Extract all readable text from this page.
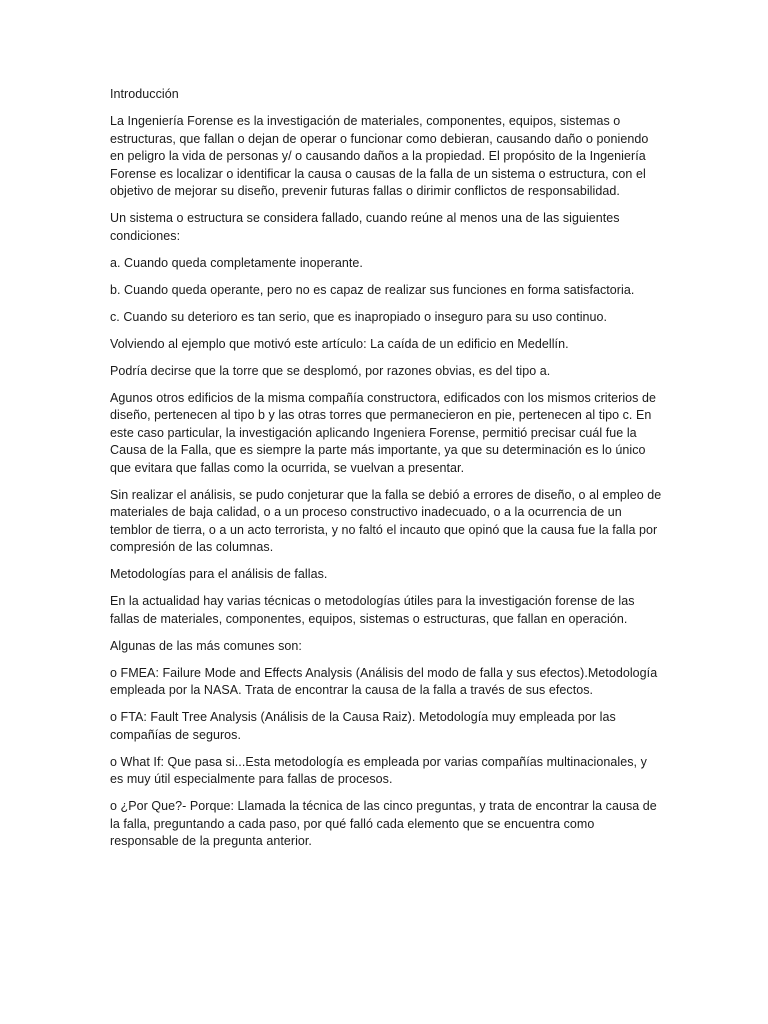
Introducción

La Ingeniería Forense es la investigación de materiales, componentes, equipos, sistemas o estructuras, que fallan o dejan de operar o funcionar como debieran, causando daño o poniendo en peligro la vida de personas y/ o causando daños a la propiedad. El propósito de la Ingeniería Forense es localizar o identificar la causa o causas de la falla de un sistema o estructura, con el objetivo de mejorar su diseño, prevenir futuras fallas o dirimir conflictos de responsabilidad.

Un sistema o estructura se considera fallado, cuando reúne al menos una de las siguientes condiciones:

a. Cuando queda completamente inoperante.

b. Cuando queda operante, pero no es capaz de realizar sus funciones en forma satisfactoria.

c. Cuando su deterioro es tan serio, que es inapropiado o inseguro para su uso continuo.

Volviendo al ejemplo que motivó este artículo: La caída de un edificio en Medellín.

Podría decirse que la torre que se desplomó, por razones obvias, es del tipo a.

Agunos otros edificios de la misma compañía constructora, edificados con los mismos criterios de diseño, pertenecen al tipo b y las otras torres que permanecieron en pie, pertenecen al tipo c. En este caso particular, la investigación aplicando Ingeniera Forense, permitió precisar cuál fue la Causa de la Falla, que es siempre la parte más importante, ya que su determinación es lo único que evitara que fallas como la ocurrida, se vuelvan a presentar.

Sin realizar el análisis, se pudo conjeturar que la falla se debió a errores de diseño, o al empleo de materiales de baja calidad, o a un proceso constructivo inadecuado, o a la ocurrencia de un temblor de tierra, o a un acto terrorista, y no faltó el incauto que opinó que la causa fue la falla por compresión de las columnas.

Metodologías para el análisis de fallas.

En la actualidad hay varias técnicas o metodologías útiles para la investigación forense de las fallas de materiales, componentes, equipos, sistemas o estructuras, que fallan en operación.

Algunas de las más comunes son:

o FMEA: Failure Mode and Effects Analysis (Análisis del modo de falla y sus efectos).Metodología empleada por la NASA. Trata de encontrar la causa de la falla a través de sus efectos.

o FTA: Fault Tree Analysis (Análisis de la Causa Raiz). Metodología muy empleada por las compañías de seguros.

o What If: Que pasa si...Esta metodología es empleada por varias compañías multinacionales, y es muy útil especialmente para fallas de procesos.

o ¿Por Que?- Porque: Llamada la técnica de las cinco preguntas, y trata de encontrar la causa de la falla, preguntando a cada paso, por qué falló cada elemento que se encuentra como responsable de la pregunta anterior.
